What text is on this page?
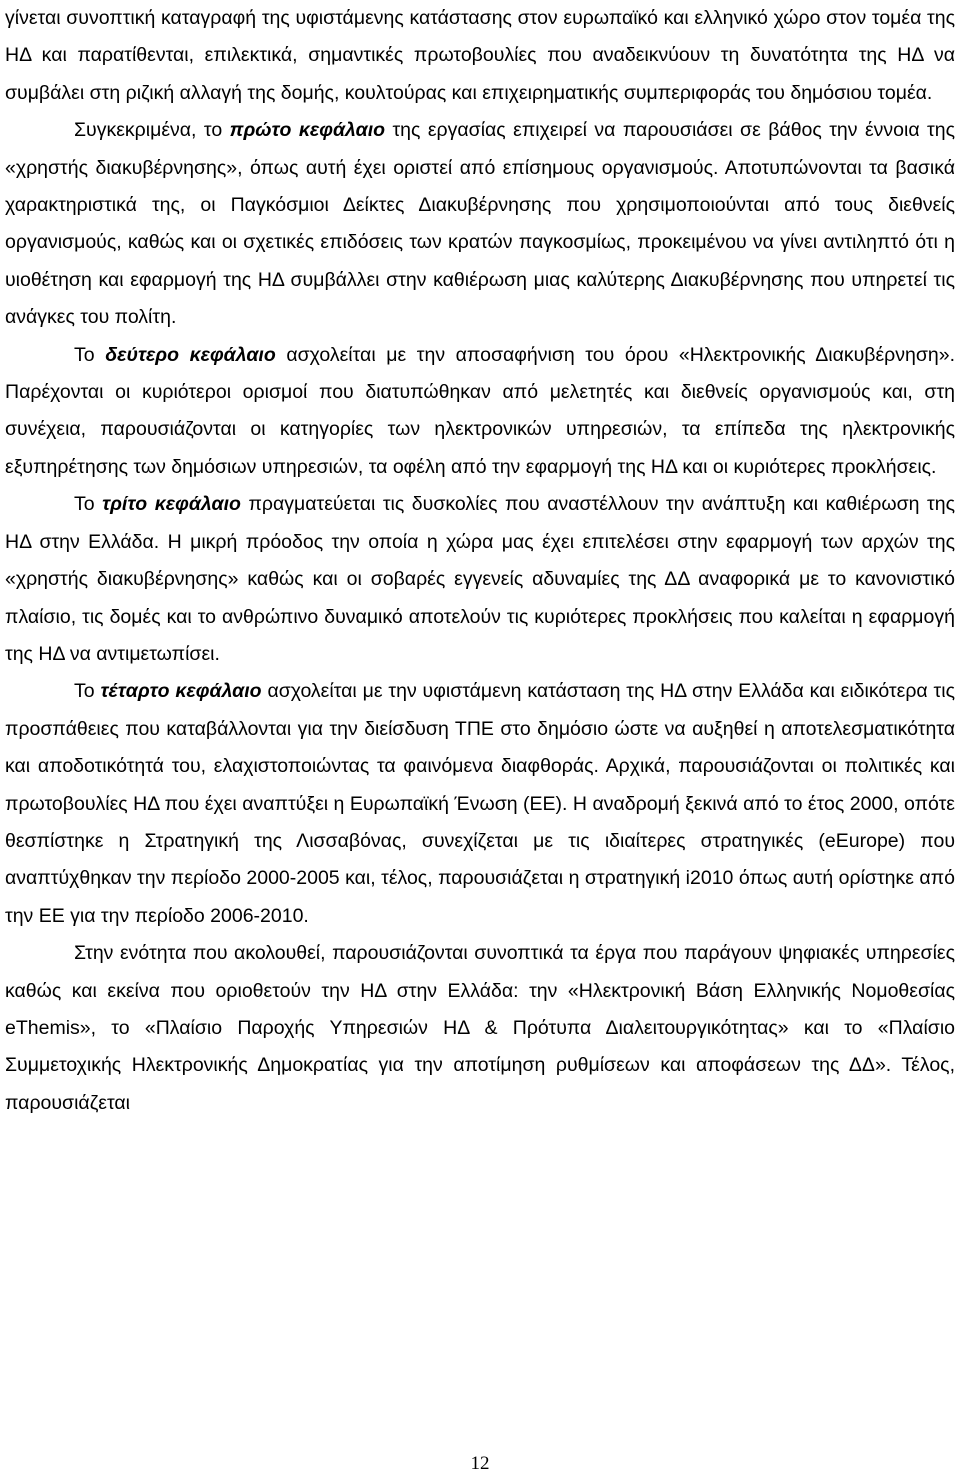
γίνεται συνοπτική καταγραφή της υφιστάμενης κατάστασης στον ευρωπαϊκό και ελληνικό χώρο στον τομέα της ΗΔ και παρατίθενται, επιλεκτικά, σημαντικές πρωτοβουλίες που αναδεικνύουν τη δυνατότητα της ΗΔ να συμβάλει στη ριζική αλλαγή της δομής, κουλτούρας και επιχειρηματικής συμπεριφοράς του δημόσιου τομέα.

Συγκεκριμένα, το πρώτο κεφάλαιο της εργασίας επιχειρεί να παρουσιάσει σε βάθος την έννοια της «χρηστής διακυβέρνησης», όπως αυτή έχει οριστεί από επίσημους οργανισμούς. Αποτυπώνονται τα βασικά χαρακτηριστικά της, οι Παγκόσμιοι Δείκτες Διακυβέρνησης που χρησιμοποιούνται από τους διεθνείς οργανισμούς, καθώς και οι σχετικές επιδόσεις των κρατών παγκοσμίως, προκειμένου να γίνει αντιληπτό ότι η υιοθέτηση και εφαρμογή της ΗΔ συμβάλλει στην καθιέρωση μιας καλύτερης Διακυβέρνησης που υπηρετεί τις ανάγκες του πολίτη.

Το δεύτερο κεφάλαιο ασχολείται με την αποσαφήνιση του όρου «Ηλεκτρονικής Διακυβέρνηση». Παρέχονται οι κυριότεροι ορισμοί που διατυπώθηκαν από μελετητές και διεθνείς οργανισμούς και, στη συνέχεια, παρουσιάζονται οι κατηγορίες των ηλεκτρονικών υπηρεσιών, τα επίπεδα της ηλεκτρονικής εξυπηρέτησης των δημόσιων υπηρεσιών, τα οφέλη από την εφαρμογή της ΗΔ και οι κυριότερες προκλήσεις.

Το τρίτο κεφάλαιο πραγματεύεται τις δυσκολίες που αναστέλλουν την ανάπτυξη και καθιέρωση της ΗΔ στην Ελλάδα. Η μικρή πρόοδος την οποία η χώρα μας έχει επιτελέσει στην εφαρμογή των αρχών της «χρηστής διακυβέρνησης» καθώς και οι σοβαρές εγγενείς αδυναμίες της ΔΔ αναφορικά με το κανονιστικό πλαίσιο, τις δομές και το ανθρώπινο δυναμικό αποτελούν τις κυριότερες προκλήσεις που καλείται η εφαρμογή της ΗΔ να αντιμετωπίσει.

Το τέταρτο κεφάλαιο ασχολείται με την υφιστάμενη κατάσταση της ΗΔ στην Ελλάδα και ειδικότερα τις προσπάθειες που καταβάλλονται για την διείσδυση ΤΠΕ στο δημόσιο ώστε να αυξηθεί η αποτελεσματικότητα και αποδοτικότητά του, ελαχιστοποιώντας τα φαινόμενα διαφθοράς. Αρχικά, παρουσιάζονται οι πολιτικές και πρωτοβουλίες ΗΔ που έχει αναπτύξει η Ευρωπαϊκή Ένωση (ΕΕ). Η αναδρομή ξεκινά από το έτος 2000, οπότε θεσπίστηκε η Στρατηγική της Λισσαβόνας, συνεχίζεται με τις ιδιαίτερες στρατηγικές (eEurope) που αναπτύχθηκαν την περίοδο 2000-2005 και, τέλος, παρουσιάζεται η στρατηγική i2010 όπως αυτή ορίστηκε από την ΕΕ για την περίοδο 2006-2010.

Στην ενότητα που ακολουθεί, παρουσιάζονται συνοπτικά τα έργα που παράγουν ψηφιακές υπηρεσίες καθώς και εκείνα που οριοθετούν την ΗΔ στην Ελλάδα: την «Ηλεκτρονική Βάση Ελληνικής Νομοθεσίας eThemis», το «Πλαίσιο Παροχής Υπηρεσιών ΗΔ & Πρότυπα Διαλειτουργικότητας» και το «Πλαίσιο Συμμετοχικής Ηλεκτρονικής Δημοκρατίας για την αποτίμηση ρυθμίσεων και αποφάσεων της ΔΔ». Τέλος, παρουσιάζεται

12
